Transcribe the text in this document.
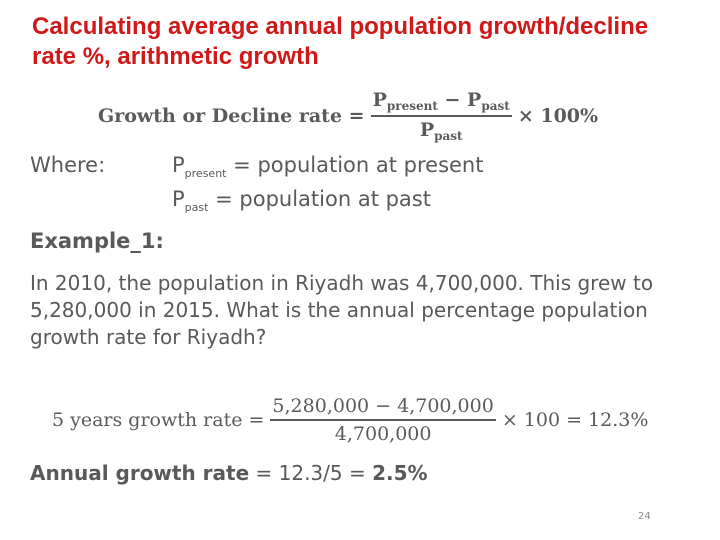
Calculating average annual population growth/decline rate %, arithmetic growth
Growth or Decline rate = $\frac{P_{present} - P_{past}}{P_{past}} \times 100\%$
Where:	$P_{present}$ = population at present
$P_{past}$ = population at past
Example_1:
In 2010, the population in Riyadh was 4,700,000. This grew to 5,280,000 in 2015. What is the annual percentage population growth rate for Riyadh?
5 years growth rate = $\frac{5,280,000 - 4,700,000}{4,700,000} \times 100 = 12.3\%$
Annual growth rate = 12.3/5 = 2.5%
24
